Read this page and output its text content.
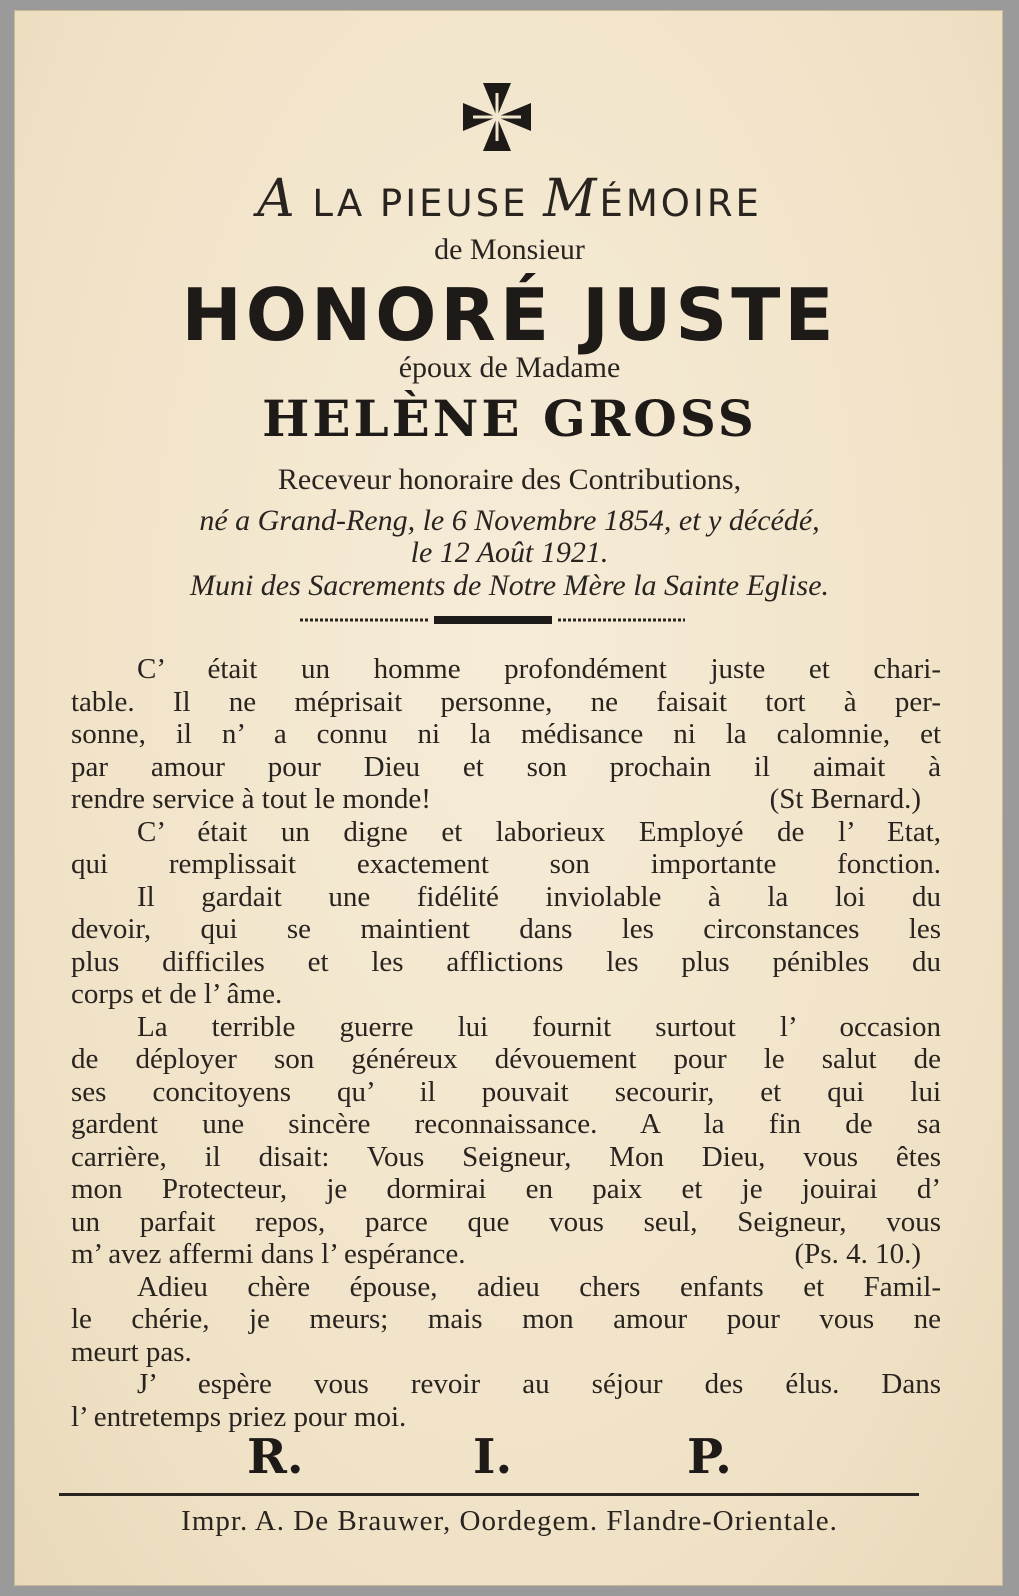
A LA PIEUSE MÉMOIRE
de Monsieur
HONORÉ JUSTE
époux de Madame
HELÈNE GROSS
Receveur honoraire des Contributions,
né a Grand-Reng, le 6 Novembre 1854, et y décédé,
le 12 Août 1921.
Muni des Sacrements de Notre Mère la Sainte Eglise.
C’ était un homme profondément juste et chari-
table. Il ne méprisait personne, ne faisait tort à per-
sonne, il n’ a connu ni la médisance ni la calomnie, et
par amour pour Dieu et son prochain il aimait à
rendre service à tout le monde!	(St Bernard.)
C’ était un digne et laborieux Employé de l’ Etat,
qui remplissait exactement son importante fonction.
Il gardait une fidélité inviolable à la loi du
devoir, qui se maintient dans les circonstances les
plus difficiles et les afflictions les plus pénibles du
corps et de l’ âme.
La terrible guerre lui fournit surtout l’ occasion
de déployer son généreux dévouement pour le salut de
ses concitoyens qu’ il pouvait secourir, et qui lui
gardent une sincère reconnaissance. A la fin de sa
carrière, il disait: Vous Seigneur, Mon Dieu, vous êtes
mon Protecteur, je dormirai en paix et je jouirai d’
un parfait repos, parce que vous seul, Seigneur, vous
m’ avez affermi dans l’ espérance.	(Ps. 4. 10.)
Adieu chère épouse, adieu chers enfants et Famil-
le chérie, je meurs; mais mon amour pour vous ne
meurt pas.
J’ espère vous revoir au séjour des élus. Dans
l’ entretemps priez pour moi.
R.	I.	P.
Impr. A. De Brauwer, Oordegem. Flandre-Orientale.
